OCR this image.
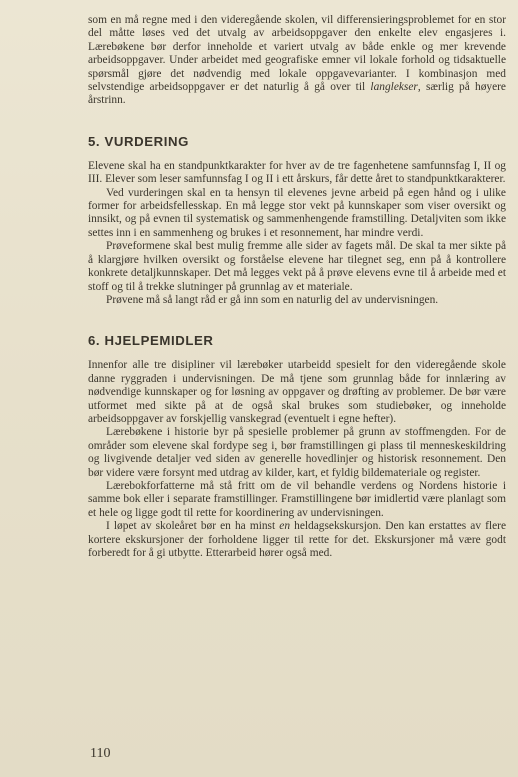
som en må regne med i den videregående skolen, vil differensieringsproblemet for en stor del måtte løses ved det utvalg av arbeidsoppgaver den enkelte elev engasjeres i. Lærebøkene bør derfor inneholde et variert utvalg av både enkle og mer krevende arbeidsoppgaver. Under arbeidet med geografiske emner vil lokale forhold og tidsaktuelle spørsmål gjøre det nødvendig med lokale oppgavevarianter. I kombinasjon med selvstendige arbeidsoppgaver er det naturlig å gå over til langlekser, særlig på høyere årstrinn.

5. VURDERING

Elevene skal ha en standpunktkarakter for hver av de tre fagenhetene samfunnsfag I, II og III. Elever som leser samfunnsfag I og II i ett årskurs, får dette året to standpunktkarakterer.

Ved vurderingen skal en ta hensyn til elevenes jevne arbeid på egen hånd og i ulike former for arbeidsfellesskap. En må legge stor vekt på kunnskaper som viser oversikt og innsikt, og på evnen til systematisk og sammenhengende framstilling. Detaljviten som ikke settes inn i en sammenheng og brukes i et resonnement, har mindre verdi.

Prøveformene skal best mulig fremme alle sider av fagets mål. De skal ta mer sikte på å klargjøre hvilken oversikt og forståelse elevene har tilegnet seg, enn på å kontrollere konkrete detaljkunnskaper. Det må legges vekt på å prøve elevens evne til å arbeide med et stoff og til å trekke slutninger på grunnlag av et materiale.

Prøvene må så langt råd er gå inn som en naturlig del av undervisningen.

6. HJELPEMIDLER

Innenfor alle tre disipliner vil lærebøker utarbeidd spesielt for den videregående skole danne ryggraden i undervisningen. De må tjene som grunnlag både for innlæring av nødvendige kunnskaper og for løsning av oppgaver og drøfting av problemer. De bør være utformet med sikte på at de også skal brukes som studiebøker, og inneholde arbeidsoppgaver av forskjellig vanskegrad (eventuelt i egne hefter).

Lærebøkene i historie byr på spesielle problemer på grunn av stoffmengden. For de områder som elevene skal fordype seg i, bør framstillingen gi plass til menneskeskildring og livgivende detaljer ved siden av generelle hovedlinjer og historisk resonnement. Den bør videre være forsynt med utdrag av kilder, kart, et fyldig bildemateriale og register.

Lærebokforfatterne må stå fritt om de vil behandle verdens og Nordens historie i samme bok eller i separate framstillinger. Framstillingene bør imidlertid være planlagt som et hele og ligge godt til rette for koordinering av undervisningen.

I løpet av skoleåret bør en ha minst en heldagsekskursjon. Den kan erstattes av flere kortere ekskursjoner der forholdene ligger til rette for det. Ekskursjoner må være godt forberedt for å gi utbytte. Etterarbeid hører også med.

110
